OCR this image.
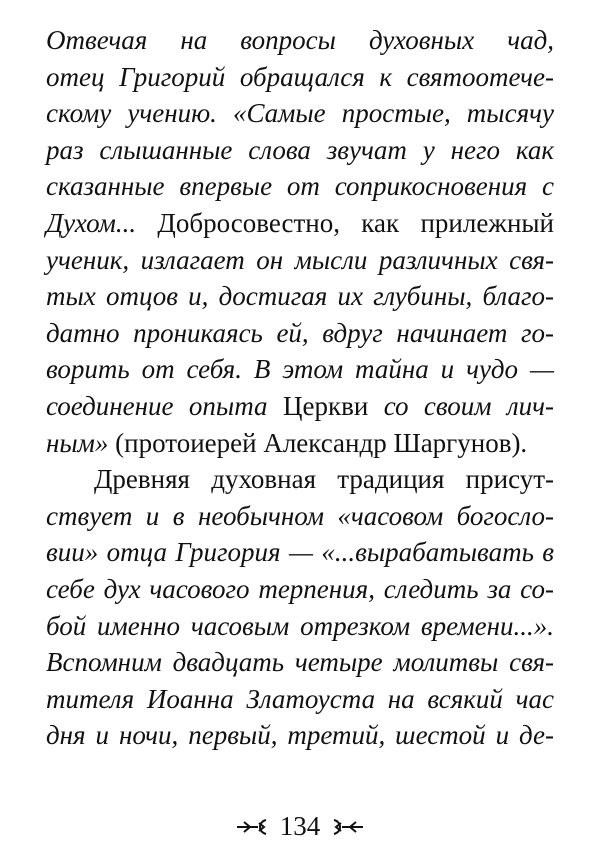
Отвечая на вопросы духовных чад,
отец Григорий обращался к святоотече-
скому учению. «Самые простые, тысячу
раз слышанные слова звучат у него как
сказанные впервые от соприкосновения с
Духом... Добросовестно, как прилежный
ученик, излагает он мысли различных свя-
тых отцов и, достигая их глубины, благо-
датно проникаясь ей, вдруг начинает го-
ворить от себя. В этом тайна и чудо —
соединение опыта Церкви со своим лич-
ным» (протоиерей Александр Шаргунов).
Древняя духовная традиция присут-
ствует и в необычном «часовом богосло-
вии» отца Григория — «...вырабатывать в
себе дух часового терпения, следить за со-
бой именно часовым отрезком времени...».
Вспомним двадцать четыре молитвы свя-
тителя Иоанна Златоуста на всякий час
дня и ночи, первый, третий, шестой и де-
134
